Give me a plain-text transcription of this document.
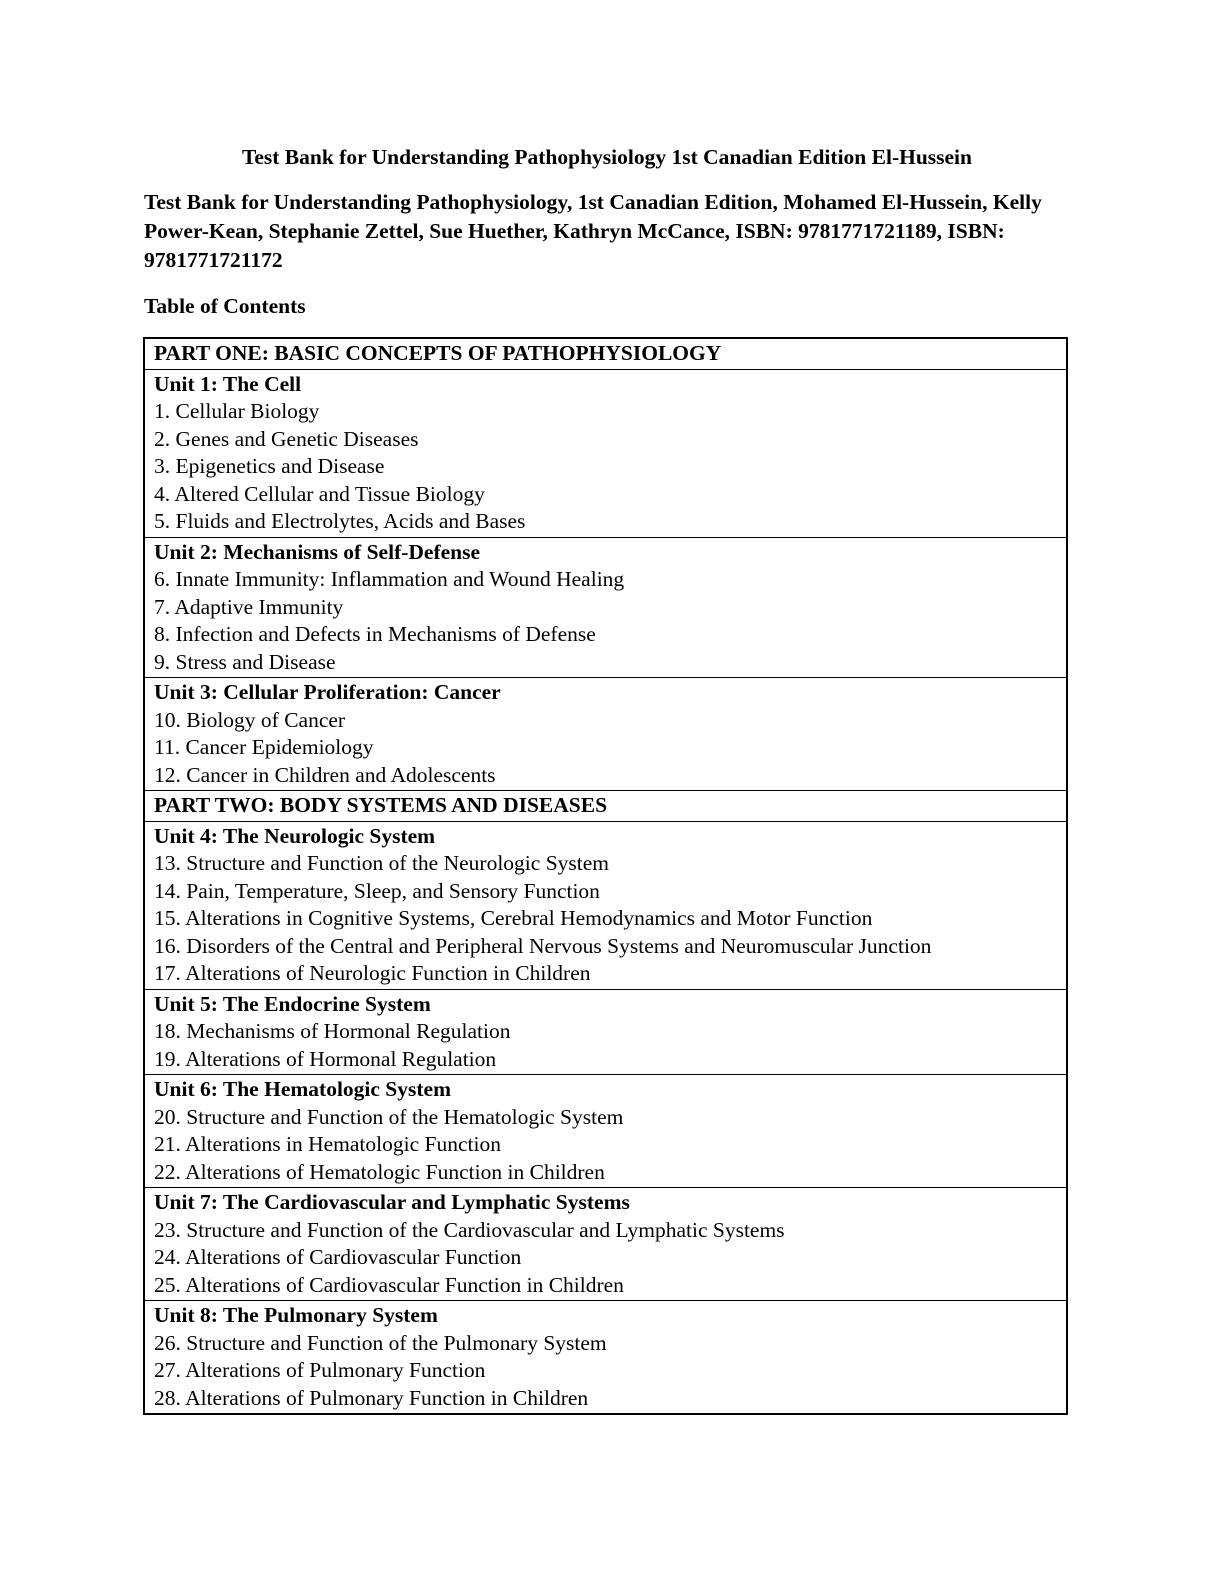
Test Bank for Understanding Pathophysiology 1st Canadian Edition El-Hussein

Test Bank for Understanding Pathophysiology, 1st Canadian Edition, Mohamed El-Hussein, Kelly Power-Kean, Stephanie Zettel, Sue Huether, Kathryn McCance, ISBN: 9781771721189, ISBN: 9781771721172

Table of Contents
PART ONE: BASIC CONCEPTS OF PATHOPHYSIOLOGY
Unit 1: The Cell
1. Cellular Biology
2. Genes and Genetic Diseases
3. Epigenetics and Disease
4. Altered Cellular and Tissue Biology
5. Fluids and Electrolytes, Acids and Bases
Unit 2: Mechanisms of Self-Defense
6. Innate Immunity: Inflammation and Wound Healing
7. Adaptive Immunity
8. Infection and Defects in Mechanisms of Defense
9. Stress and Disease
Unit 3: Cellular Proliferation: Cancer
10. Biology of Cancer
11. Cancer Epidemiology
12. Cancer in Children and Adolescents
PART TWO: BODY SYSTEMS AND DISEASES
Unit 4: The Neurologic System
13. Structure and Function of the Neurologic System
14. Pain, Temperature, Sleep, and Sensory Function
15. Alterations in Cognitive Systems, Cerebral Hemodynamics and Motor Function
16. Disorders of the Central and Peripheral Nervous Systems and Neuromuscular Junction
17. Alterations of Neurologic Function in Children
Unit 5: The Endocrine System
18. Mechanisms of Hormonal Regulation
19. Alterations of Hormonal Regulation
Unit 6: The Hematologic System
20. Structure and Function of the Hematologic System
21. Alterations in Hematologic Function
22. Alterations of Hematologic Function in Children
Unit 7: The Cardiovascular and Lymphatic Systems
23. Structure and Function of the Cardiovascular and Lymphatic Systems
24. Alterations of Cardiovascular Function
25. Alterations of Cardiovascular Function in Children
Unit 8: The Pulmonary System
26. Structure and Function of the Pulmonary System
27. Alterations of Pulmonary Function
28. Alterations of Pulmonary Function in Children
